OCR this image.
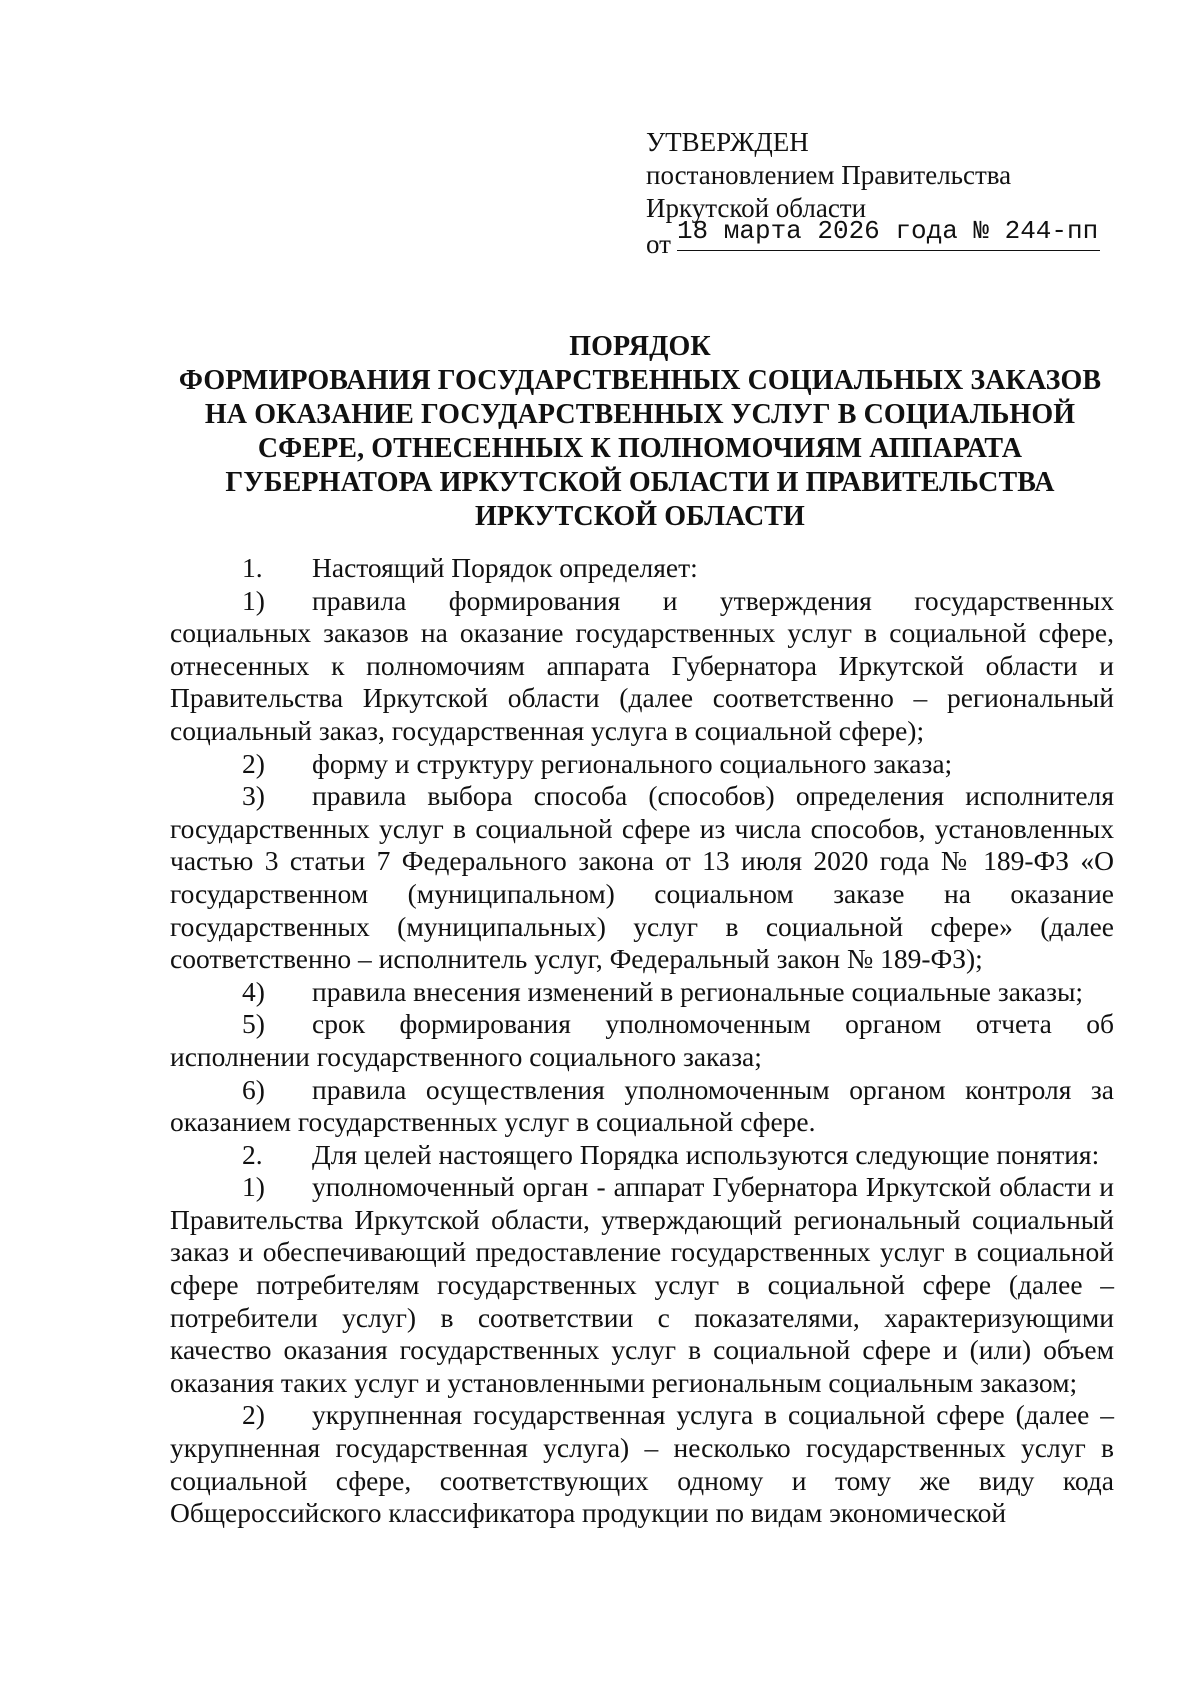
УТВЕРЖДЕН
постановлением Правительства
Иркутской области
от 18 марта 2026 года № 244-пп
ПОРЯДОК
ФОРМИРОВАНИЯ ГОСУДАРСТВЕННЫХ СОЦИАЛЬНЫХ ЗАКАЗОВ
НА ОКАЗАНИЕ ГОСУДАРСТВЕННЫХ УСЛУГ В СОЦИАЛЬНОЙ
СФЕРЕ, ОТНЕСЕННЫХ К ПОЛНОМОЧИЯМ АППАРАТА
ГУБЕРНАТОРА ИРКУТСКОЙ ОБЛАСТИ И ПРАВИТЕЛЬСТВА
ИРКУТСКОЙ ОБЛАСТИ

1. Настоящий Порядок определяет:

1) правила формирования и утверждения государственных социальных заказов на оказание государственных услуг в социальной сфере, отнесенных к полномочиям аппарата Губернатора Иркутской области и Правительства Иркутской области (далее соответственно – региональный социальный заказ, государственная услуга в социальной сфере);

2) форму и структуру регионального социального заказа;

3) правила выбора способа (способов) определения исполнителя государственных услуг в социальной сфере из числа способов, установленных частью 3 статьи 7 Федерального закона от 13 июля 2020 года № 189-ФЗ «О государственном (муниципальном) социальном заказе на оказание государственных (муниципальных) услуг в социальной сфере» (далее соответственно – исполнитель услуг, Федеральный закон № 189-ФЗ);

4) правила внесения изменений в региональные социальные заказы;

5) срок формирования уполномоченным органом отчета об исполнении государственного социального заказа;

6) правила осуществления уполномоченным органом контроля за оказанием государственных услуг в социальной сфере.

2. Для целей настоящего Порядка используются следующие понятия:

1) уполномоченный орган - аппарат Губернатора Иркутской области и Правительства Иркутской области, утверждающий региональный социальный заказ и обеспечивающий предоставление государственных услуг в социальной сфере потребителям государственных услуг в социальной сфере (далее – потребители услуг) в соответствии с показателями, характеризующими качество оказания государственных услуг в социальной сфере и (или) объем оказания таких услуг и установленными региональным социальным заказом;

2) укрупненная государственная услуга в социальной сфере (далее – укрупненная государственная услуга) – несколько государственных услуг в социальной сфере, соответствующих одному и тому же виду кода Общероссийского классификатора продукции по видам экономической
